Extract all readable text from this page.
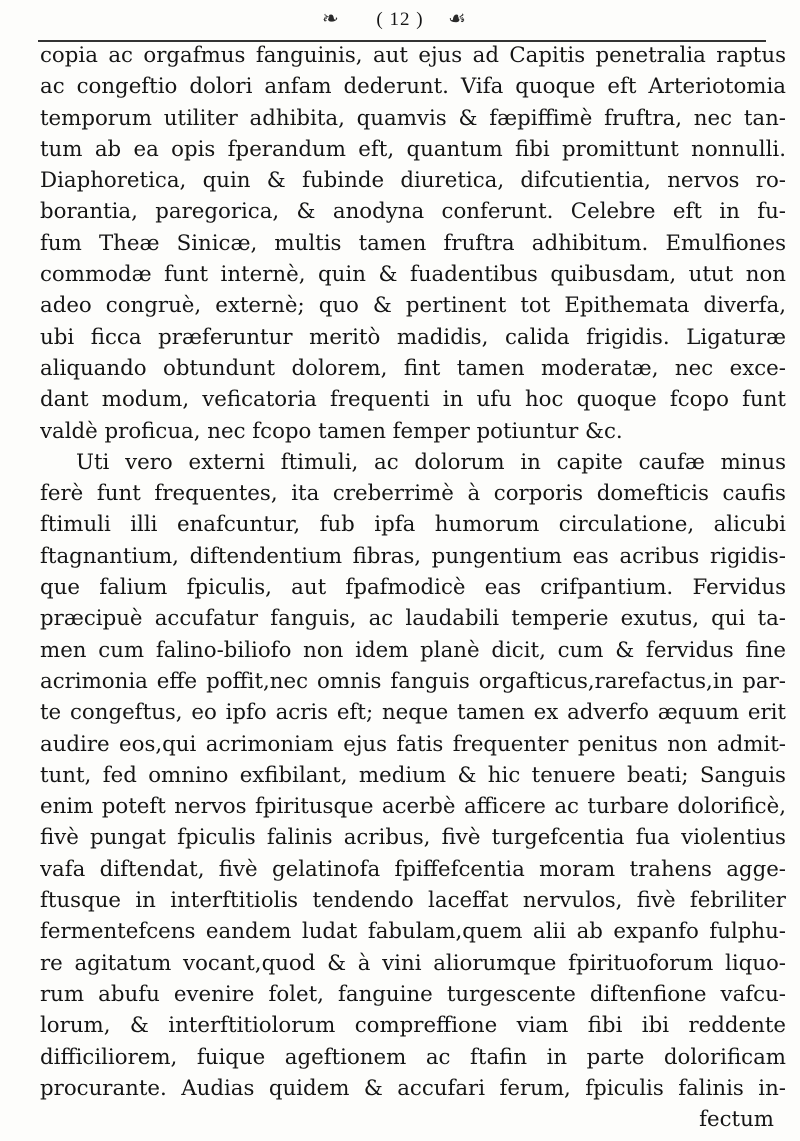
❧	( 12 )	☙
copia ac orgafmus fanguinis, aut ejus ad Capitis penetralia raptus
ac congeftio dolori anfam dederunt. Vifa quoque eft Arteriotomia
temporum utiliter adhibita, quamvis & fæpiffimè fruftra, nec tan-
tum ab ea opis fperandum eft, quantum fibi promittunt nonnulli.
Diaphoretica, quin & fubinde diuretica, difcutientia, nervos ro-
borantia, paregorica, & anodyna conferunt. Celebre eft in fu-
fum Theæ Sinicæ, multis tamen fruftra adhibitum. Emulfiones
commodæ funt internè, quin & fuadentibus quibusdam, utut non
adeo congruè, externè; quo & pertinent tot Epithemata diverfa,
ubi ficca præferuntur meritò madidis, calida frigidis. Ligaturæ
aliquando obtundunt dolorem, fint tamen moderatæ, nec exce-
dant modum, veficatoria frequenti in ufu hoc quoque fcopo funt
valdè proficua, nec fcopo tamen femper potiuntur &c.
Uti vero externi ftimuli, ac dolorum in capite caufæ minus
ferè funt frequentes, ita creberrimè à corporis domefticis caufis
ftimuli illi enafcuntur, fub ipfa humorum circulatione, alicubi
ftagnantium, diftendentium fibras, pungentium eas acribus rigidis-
que falium fpiculis, aut fpafmodicè eas crifpantium. Fervidus
præcipuè accufatur fanguis, ac laudabili temperie exutus, qui ta-
men cum falino-biliofo non idem planè dicit, cum & fervidus fine
acrimonia effe poffit,nec omnis fanguis orgafticus,rarefactus,in par-
te congeftus, eo ipfo acris eft; neque tamen ex adverfo æquum erit
audire eos,qui acrimoniam ejus fatis frequenter penitus non admit-
tunt, fed omnino exfibilant, medium & hic tenuere beati; Sanguis
enim poteft nervos fpiritusque acerbè afficere ac turbare dolorificè,
fivè pungat fpiculis falinis acribus, fivè turgefcentia fua violentius
vafa diftendat, fivè gelatinofa fpiffefcentia moram trahens agge-
ftusque in interftitiolis tendendo laceffat nervulos, fivè febriliter
fermentefcens eandem ludat fabulam,quem alii ab expanfo fulphu-
re agitatum vocant,quod & à vini aliorumque fpirituoforum liquo-
rum abufu evenire folet, fanguine turgescente diftenfione vafcu-
lorum, & interftitiolorum compreffione viam fibi ibi reddente
difficiliorem, fuique ageftionem ac ftafin in parte dolorificam
procurante. Audias quidem & accufari ferum, fpiculis falinis in-
fectum
